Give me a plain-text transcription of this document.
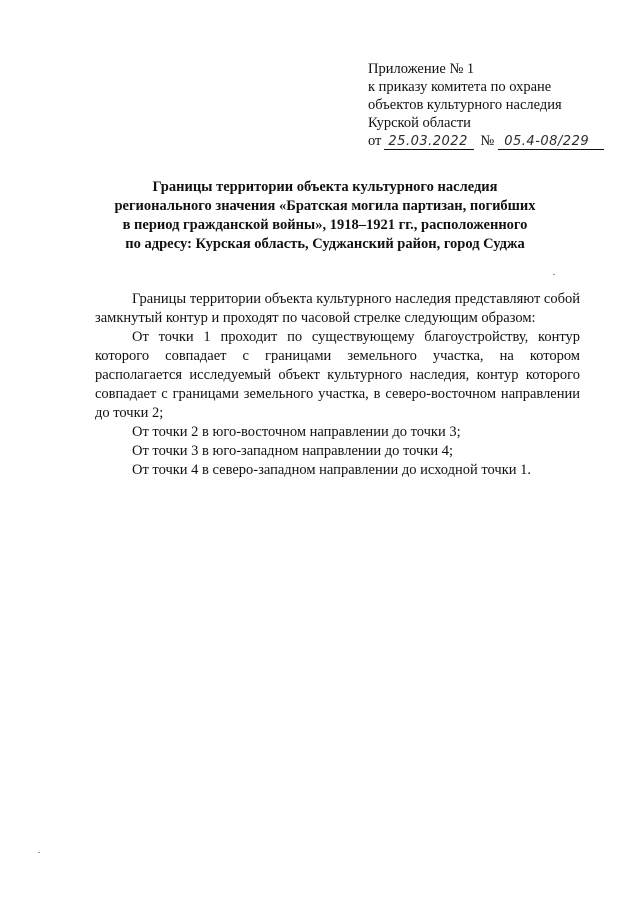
Приложение № 1
к приказу комитета по охране
объектов культурного наследия
Курской области
от 25.03.2022 № 05.4-08/229
Границы территории объекта культурного наследия
регионального значения «Братская могила партизан, погибших
в период гражданской войны», 1918–1921 гг., расположенного
по адресу: Курская область, Суджанский район, город Суджа

Границы территории объекта культурного наследия представляют собой замкнутый контур и проходят по часовой стрелке следующим образом:

От точки 1 проходит по существующему благоустройству, контур которого совпадает с границами земельного участка, на котором располагается исследуемый объект культурного наследия, контур которого совпадает с границами земельного участка, в северо-восточном направлении до точки 2;

От точки 2 в юго-восточном направлении до точки 3;
От точки 3 в юго-западном направлении до точки 4;
От точки 4 в северо-западном направлении до исходной точки 1.
